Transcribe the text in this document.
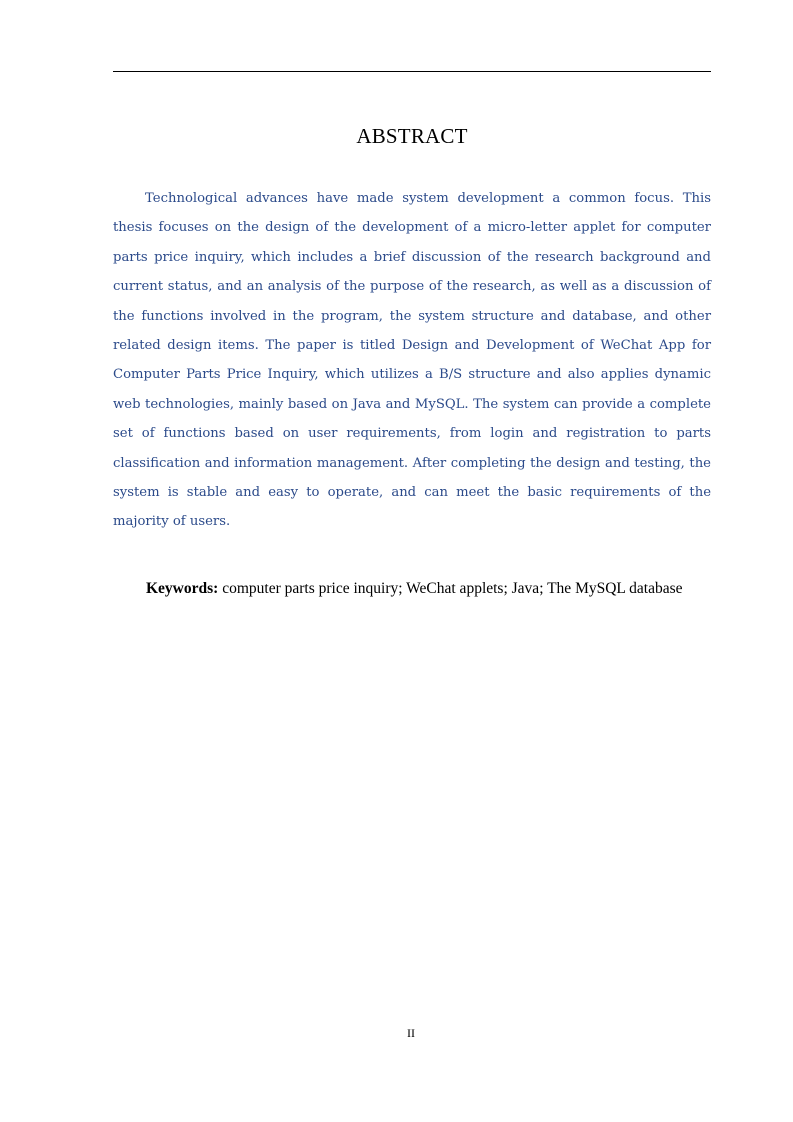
ABSTRACT

Technological advances have made system development a common focus. This thesis focuses on the design of the development of a micro-letter applet for computer parts price inquiry, which includes a brief discussion of the research background and current status, and an analysis of the purpose of the research, as well as a discussion of the functions involved in the program, the system structure and database, and other related design items. The paper is titled Design and Development of WeChat App for Computer Parts Price Inquiry, which utilizes a B/S structure and also applies dynamic web technologies, mainly based on Java and MySQL. The system can provide a complete set of functions based on user requirements, from login and registration to parts classification and information management. After completing the design and testing, the system is stable and easy to operate, and can meet the basic requirements of the majority of users.

Keywords: computer parts price inquiry; WeChat applets; Java; The MySQL database
II
